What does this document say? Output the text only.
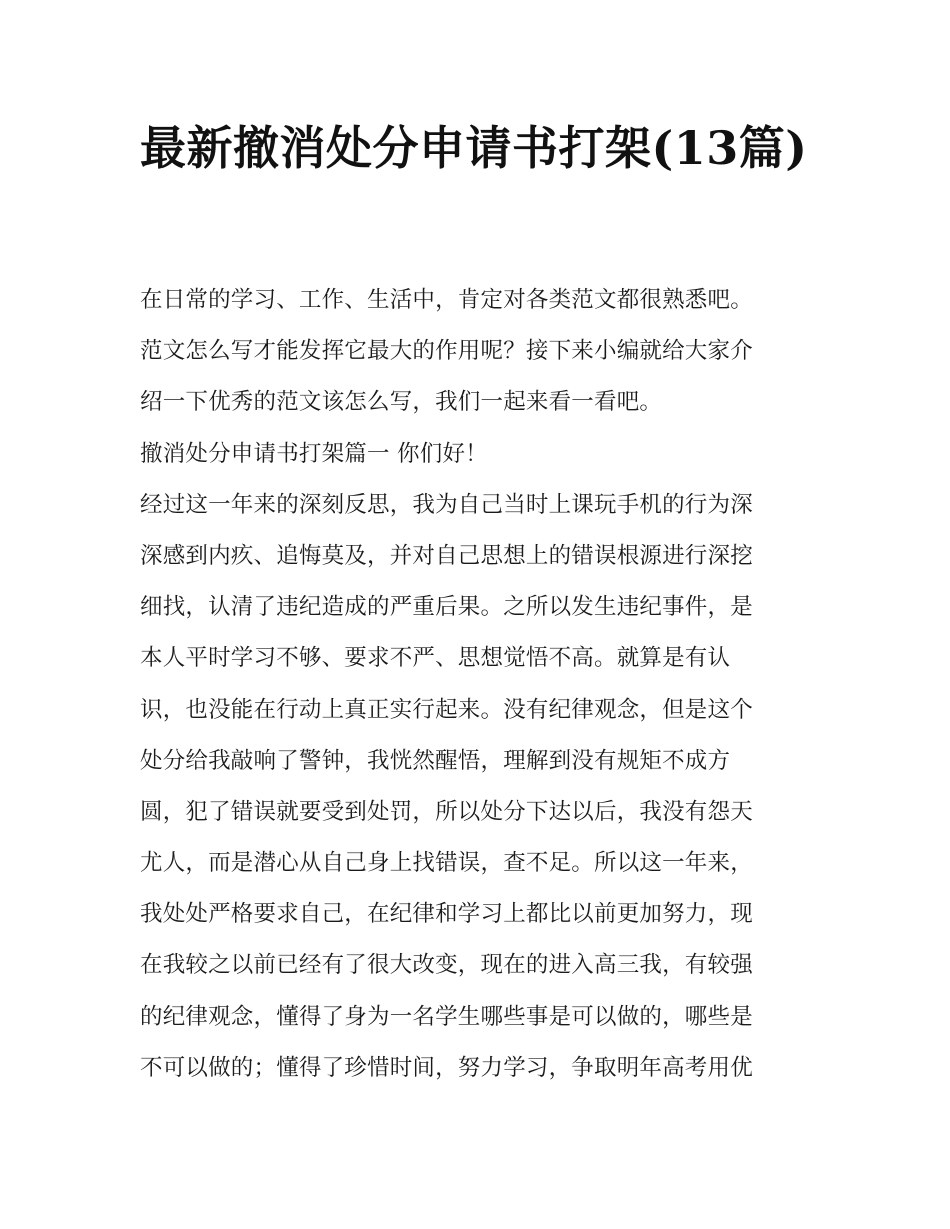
最新撤消处分申请书打架(13篇)
在日常的学习、工作、生活中，肯定对各类范文都很熟悉吧。
范文怎么写才能发挥它最大的作用呢？接下来小编就给大家介
绍一下优秀的范文该怎么写，我们一起来看一看吧。
撤消处分申请书打架篇一 你们好！
经过这一年来的深刻反思，我为自己当时上课玩手机的行为深
深感到内疚、追悔莫及，并对自己思想上的错误根源进行深挖
细找，认清了违纪造成的严重后果。之所以发生违纪事件，是
本人平时学习不够、要求不严、思想觉悟不高。就算是有认
识，也没能在行动上真正实行起来。没有纪律观念，但是这个
处分给我敲响了警钟，我恍然醒悟，理解到没有规矩不成方
圆，犯了错误就要受到处罚，所以处分下达以后，我没有怨天
尤人，而是潜心从自己身上找错误，查不足。所以这一年来，
我处处严格要求自己，在纪律和学习上都比以前更加努力，现
在我较之以前已经有了很大改变，现在的进入高三我，有较强
的纪律观念，懂得了身为一名学生哪些事是可以做的，哪些是
不可以做的；懂得了珍惜时间，努力学习，争取明年高考用优
